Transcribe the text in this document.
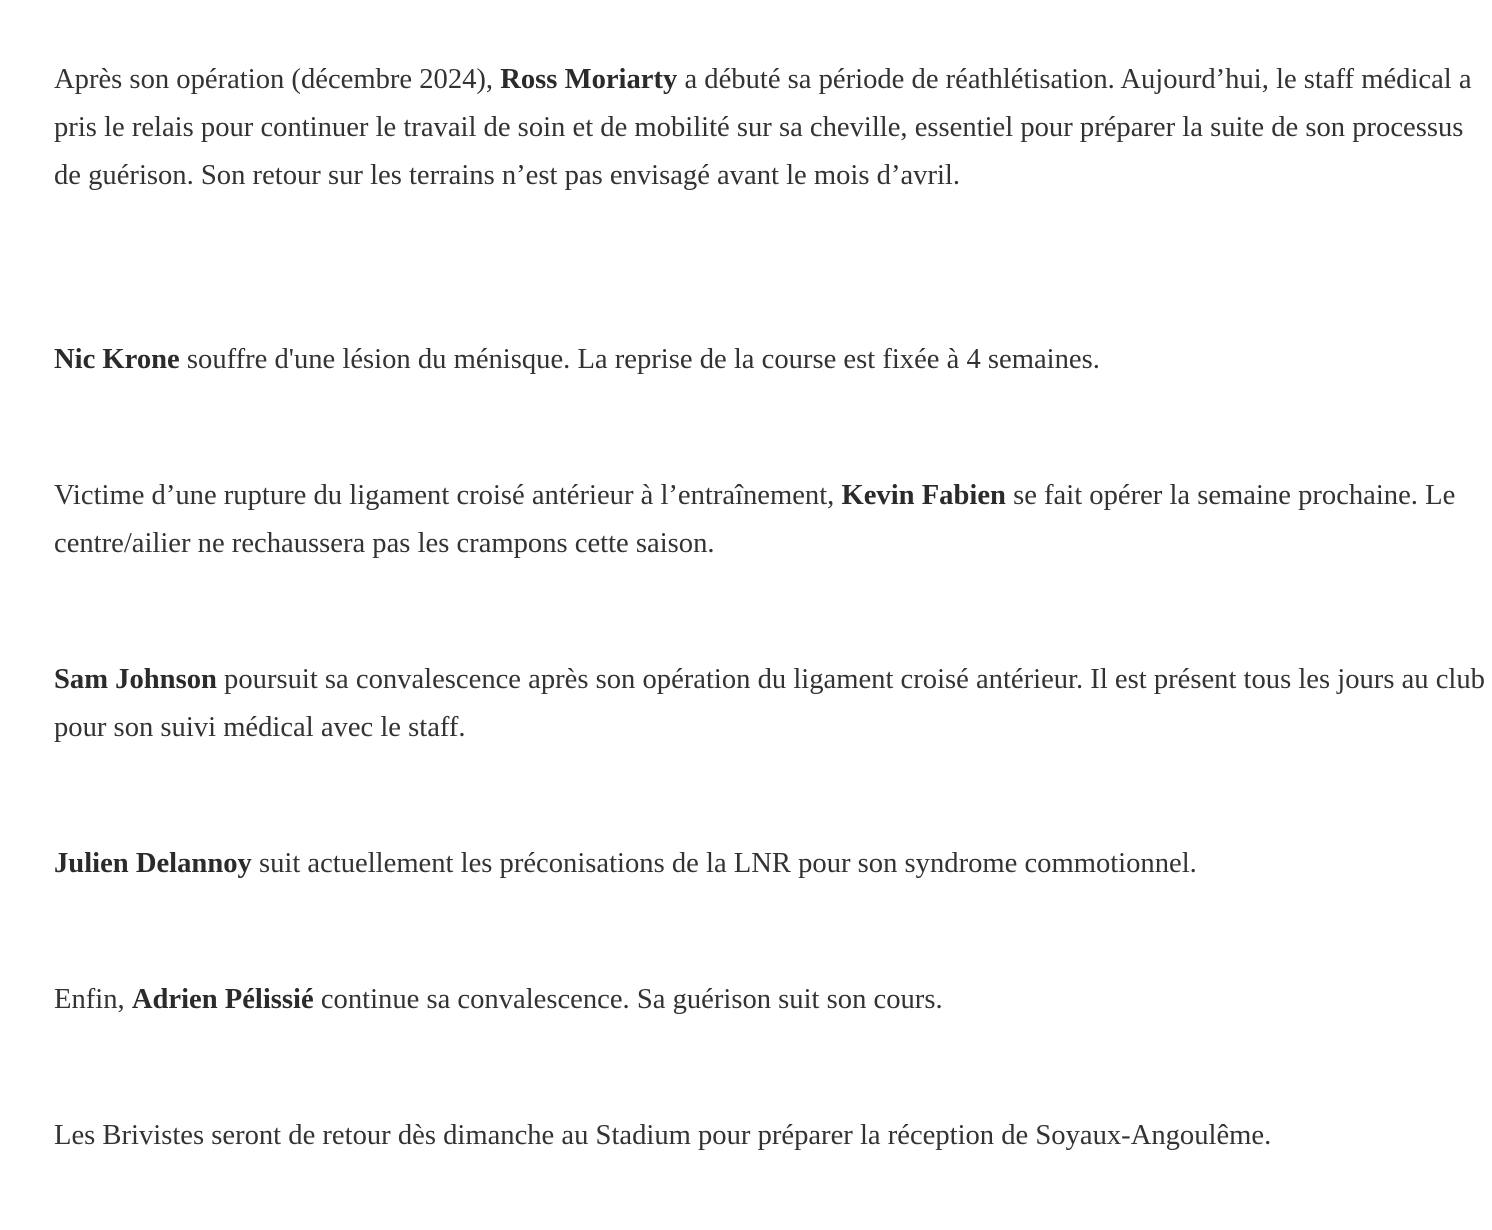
Après son opération (décembre 2024), Ross Moriarty a débuté sa période de réathlétisation. Aujourd’hui, le staff médical a pris le relais pour continuer le travail de soin et de mobilité sur sa cheville, essentiel pour préparer la suite de son processus de guérison. Son retour sur les terrains n’est pas envisagé avant le mois d’avril.

Nic Krone souffre d'une lésion du ménisque. La reprise de la course est fixée à 4 semaines.

Victime d’une rupture du ligament croisé antérieur à l’entraînement, Kevin Fabien se fait opérer la semaine prochaine. Le centre/ailier ne rechaussera pas les crampons cette saison.

Sam Johnson poursuit sa convalescence après son opération du ligament croisé antérieur. Il est présent tous les jours au club pour son suivi médical avec le staff.

Julien Delannoy suit actuellement les préconisations de la LNR pour son syndrome commotionnel.

Enfin, Adrien Pélissié continue sa convalescence. Sa guérison suit son cours.

Les Brivistes seront de retour dès dimanche au Stadium pour préparer la réception de Soyaux-Angoulême.
